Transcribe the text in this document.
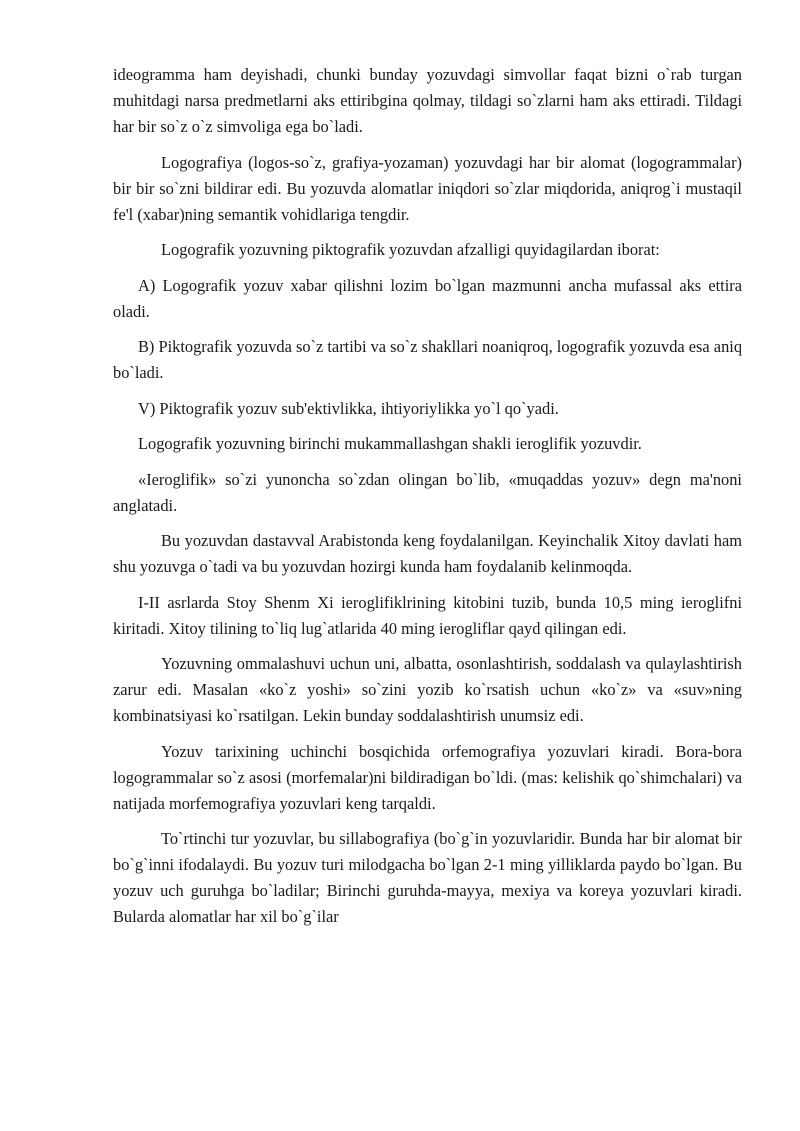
ideogramma ham deyishadi, chunki bunday yozuvdagi simvollar faqat bizni o`rab turgan muhitdagi narsa predmetlarni aks ettiribgina qolmay, tildagi so`zlarni ham aks ettiradi. Tildagi har bir so`z o`z simvoliga ega bo`ladi.

Logografiya (logos-so`z, grafiya-yozaman) yozuvdagi har bir alomat (logogrammalar) bir bir so`zni bildirar edi. Bu yozuvda alomatlar iniqdori so`zlar miqdorida, aniqrog`i mustaqil fe'l (xabar)ning semantik vohidlariga tengdir.

Logografik yozuvning piktografik yozuvdan afzalligi quyidagilardan iborat:

A) Logografik yozuv xabar qilishni lozim bo`lgan mazmunni ancha mufassal aks ettira oladi.

B) Piktografik yozuvda so`z tartibi va so`z shakllari noaniqroq, logografik yozuvda esa aniq bo`ladi.

V) Piktografik yozuv sub'ektivlikka, ihtiyoriylikka yo`l qo`yadi.

Logografik yozuvning birinchi mukammallashgan shakli ieroglifik yozuvdir.

«Ieroglifik» so`zi yunoncha so`zdan olingan bo`lib, «muqaddas yozuv» degn ma'noni anglatadi.

Bu yozuvdan dastavval Arabistonda keng foydalanilgan. Keyinchalik Xitoy davlati ham shu yozuvga o`tadi va bu yozuvdan hozirgi kunda ham foydalanib kelinmoqda.

I-II asrlarda Stoy Shenm Xi ieroglifiklrining kitobini tuzib, bunda 10,5 ming ieroglifni kiritadi. Xitoy tilining to`liq lug`atlarida 40 ming ierogliflar qayd qilingan edi.

Yozuvning ommalashuvi uchun uni, albatta, osonlashtirish, soddalash va qulaylashtirish zarur edi. Masalan «ko`z yoshi» so`zini yozib ko`rsatish uchun «ko`z» va «suv»ning kombinatsiyasi ko`rsatilgan. Lekin bunday soddalashtirish unumsiz edi.

Yozuv tarixining uchinchi bosqichida orfemografiya yozuvlari kiradi. Bora-bora logogrammalar so`z asosi (morfemalar)ni bildiradigan bo`ldi. (mas: kelishik qo`shimchalari) va natijada morfemografiya yozuvlari keng tarqaldi.

To`rtinchi tur yozuvlar, bu sillabografiya (bo`g`in yozuvlaridir. Bunda har bir alomat bir bo`g`inni ifodalaydi. Bu yozuv turi milodgacha bo`lgan 2-1 ming yilliklarda paydo bo`lgan. Bu yozuv uch guruhga bo`ladilar; Birinchi guruhda-mayya, mexiya va koreya yozuvlari kiradi. Bularda alomatlar har xil bo`g`ilar
